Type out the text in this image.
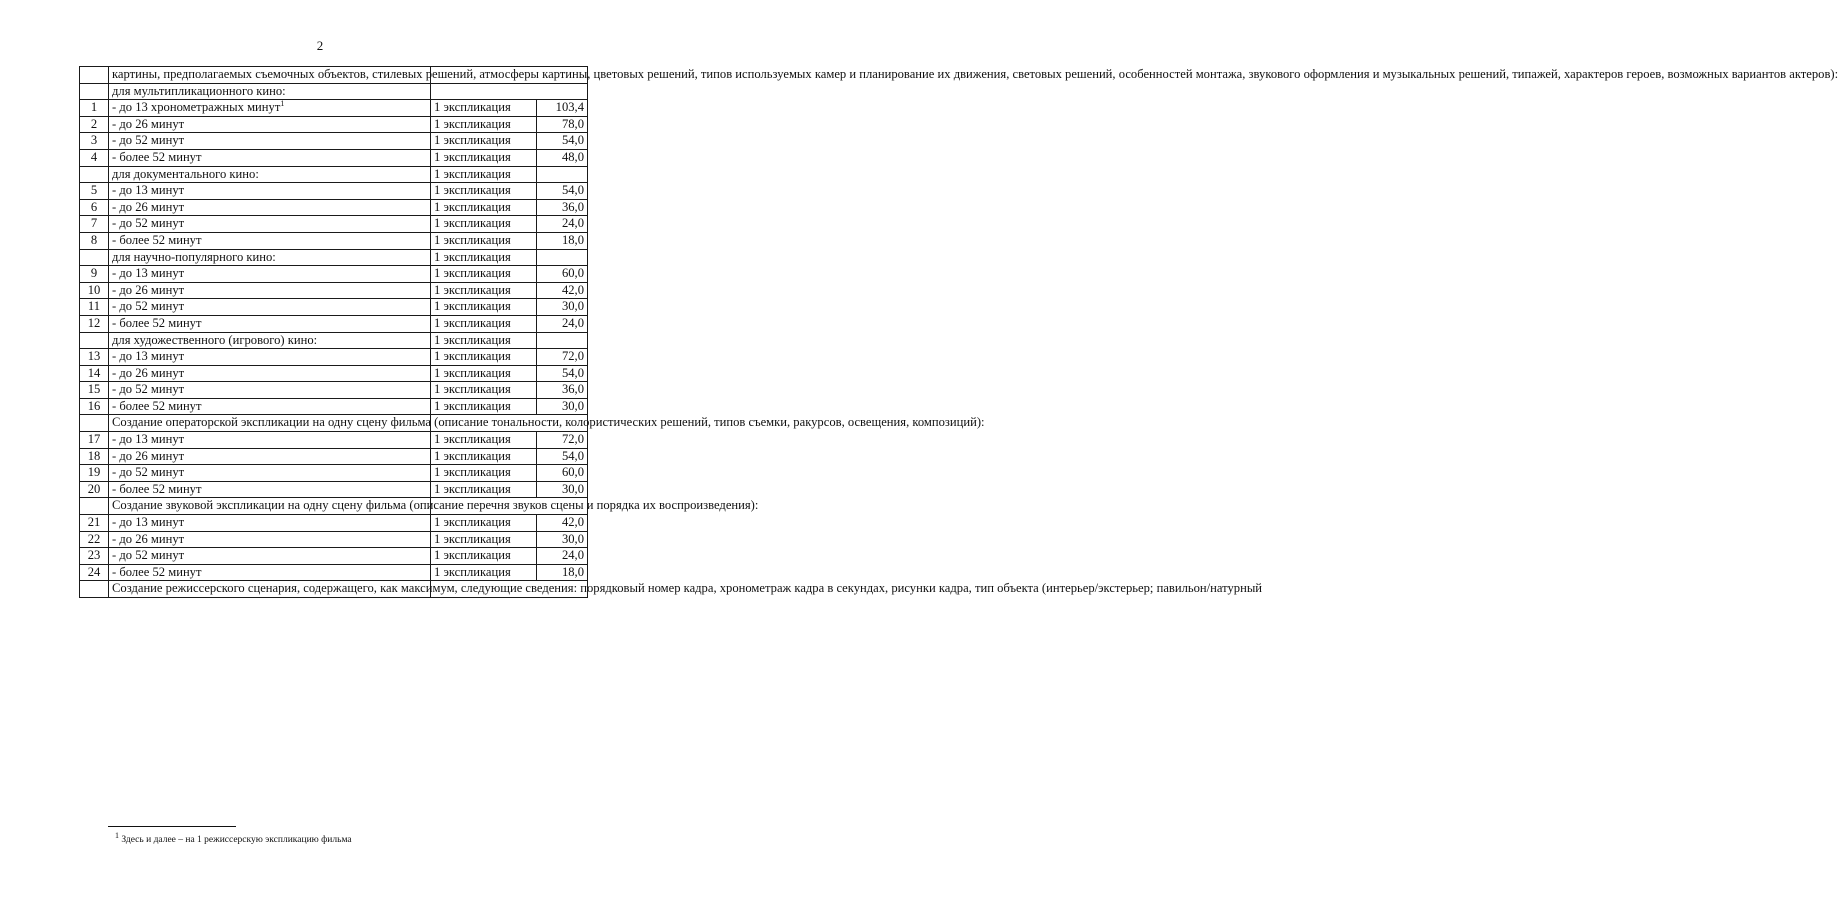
2
	картины, предполагаемых съемочных объектов, стилевых решений, атмосферы картины, цветовых решений, типов используемых камер и планирование их движения, световых решений, особенностей монтажа, звукового оформления и музыкальных решений, типажей, характеров героев, возможных вариантов актеров):		
	для мультипликационного кино:		
1	- до 13 хронометражных минут$^1$	1 экспликация	103,4
2	- до 26 минут	1 экспликация	78,0
3	- до 52 минут	1 экспликация	54,0
4	- более 52 минут	1 экспликация	48,0
	для документального кино:	1 экспликация	
5	- до 13 минут	1 экспликация	54,0
6	- до 26 минут	1 экспликация	36,0
7	- до 52 минут	1 экспликация	24,0
8	- более 52 минут	1 экспликация	18,0
	для научно-популярного кино:	1 экспликация	
9	- до 13 минут	1 экспликация	60,0
10	- до 26 минут	1 экспликация	42,0
11	- до 52 минут	1 экспликация	30,0
12	- более 52 минут	1 экспликация	24,0
	для художественного (игрового) кино:	1 экспликация	
13	- до 13 минут	1 экспликация	72,0
14	- до 26 минут	1 экспликация	54,0
15	- до 52 минут	1 экспликация	36,0
16	- более 52 минут	1 экспликация	30,0
	Создание операторской экспликации на одну сцену фильма (описание тональности, колористических решений, типов съемки, ракурсов, освещения, композиций):		
17	- до 13 минут	1 экспликация	72,0
18	- до 26 минут	1 экспликация	54,0
19	- до 52 минут	1 экспликация	60,0
20	- более 52 минут	1 экспликация	30,0
	Создание звуковой экспликации на одну сцену фильма (описание перечня звуков сцены и порядка их воспроизведения):		
21	- до 13 минут	1 экспликация	42,0
22	- до 26 минут	1 экспликация	30,0
23	- до 52 минут	1 экспликация	24,0
24	- более 52 минут	1 экспликация	18,0
	Создание режиссерского сценария, содержащего, как максимум, следующие сведения: порядковый номер кадра, хронометраж кадра в секундах, рисунки кадра, тип объекта (интерьер/экстерьер; павильон/натурный		
$^1$ Здесь и далее – на 1 режиссерскую экспликацию фильма
